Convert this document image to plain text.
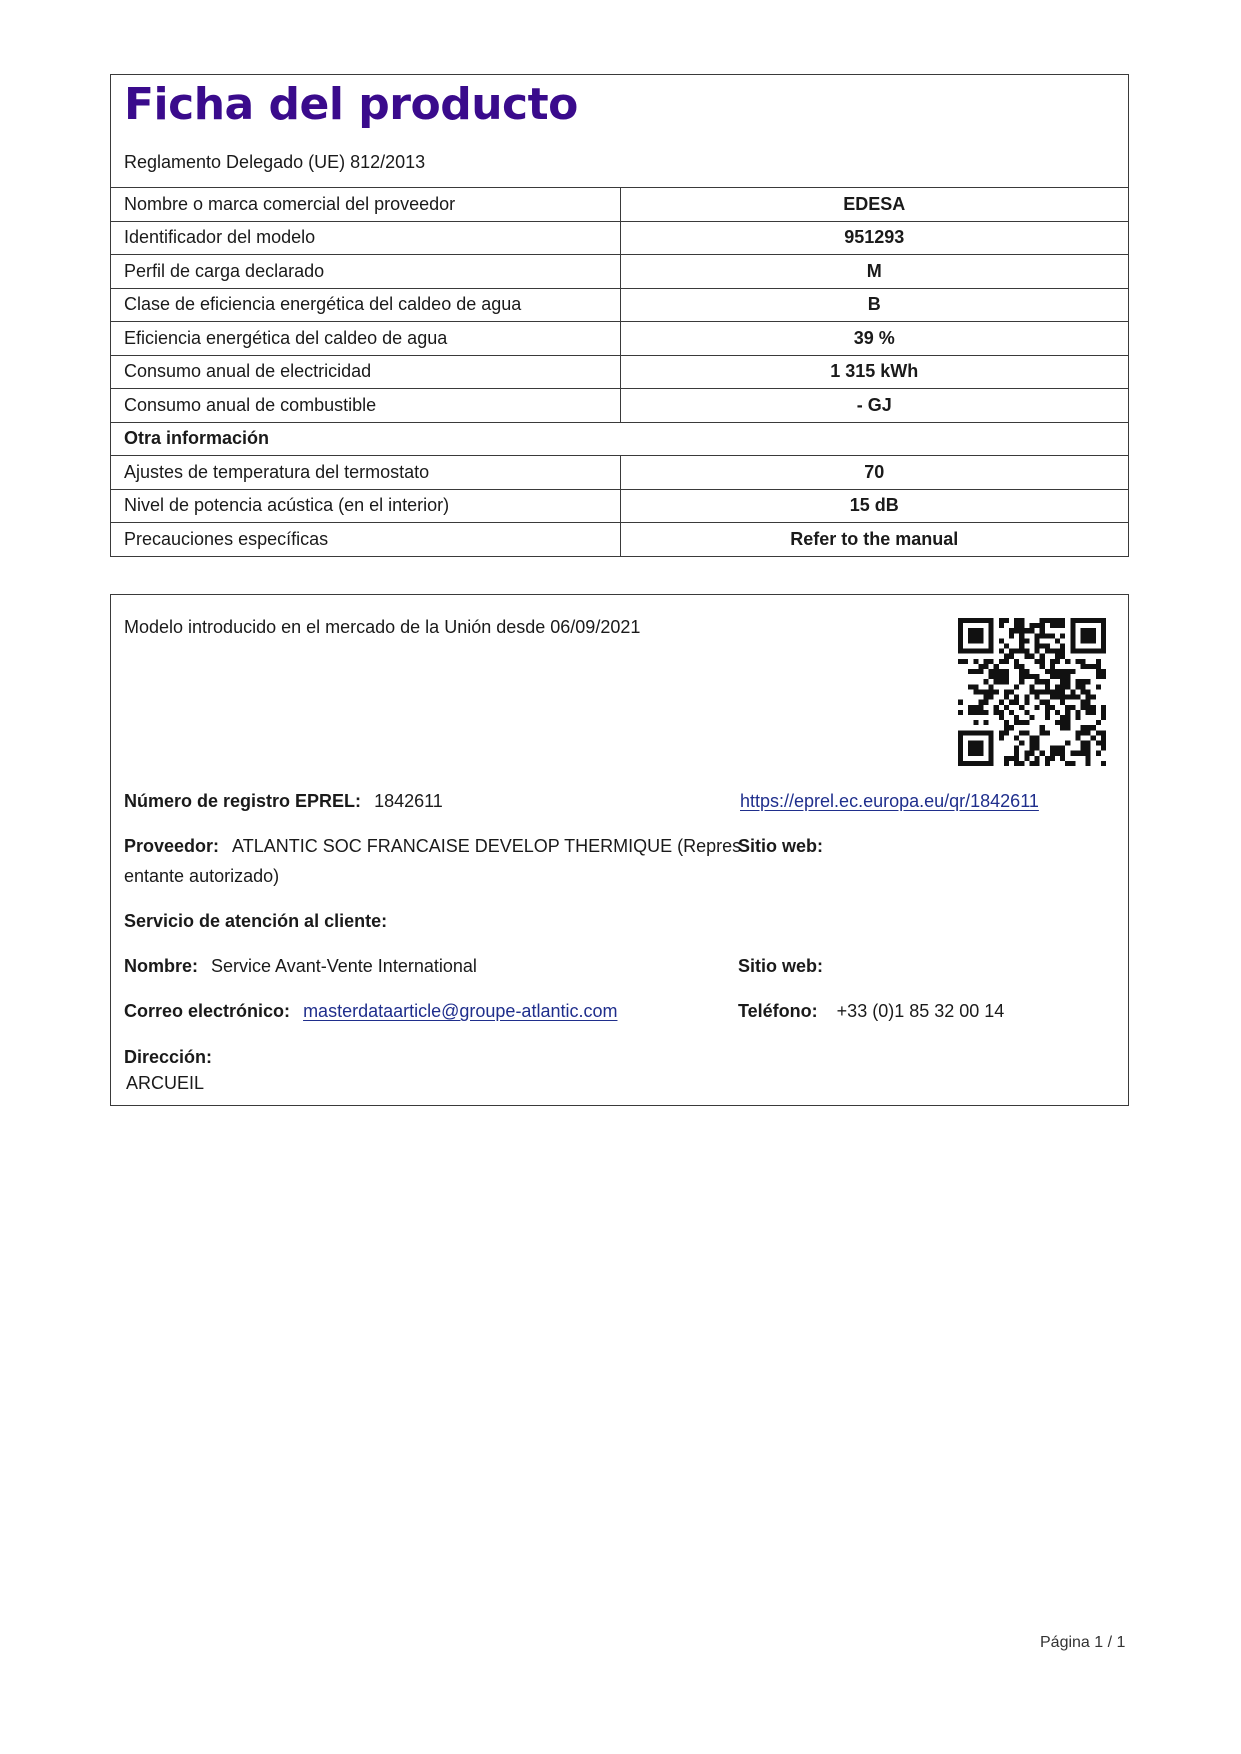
Ficha del producto
Reglamento Delegado (UE) 812/2013
Nombre o marca comercial del proveedor	EDESA
Identificador del modelo	951293
Perfil de carga declarado	M
Clase de eficiencia energética del caldeo de agua	B
Eficiencia energética del caldeo de agua	39 %
Consumo anual de electricidad	1 315 kWh
Consumo anual de combustible	- GJ
Otra información	
Ajustes de temperatura del termostato	70
Nivel de potencia acústica (en el interior)	15 dB
Precauciones específicas	Refer to the manual
Modelo introducido en el mercado de la Unión desde 06/09/2021
Número de registro EPREL: 1842611	https://eprel.ec.europa.eu/qr/1842611
Proveedor: ATLANTIC SOC FRANCAISE DEVELOP THERMIQUE (Repres
entante autorizado)
Sitio web:
Servicio de atención al cliente:
Nombre: Service Avant-Vente International	Sitio web:
Correo electrónico: masterdataarticle@groupe-atlantic.com	Teléfono: +33 (0)1 85 32 00 14
Dirección:
ARCUEIL
Página 1 / 1
